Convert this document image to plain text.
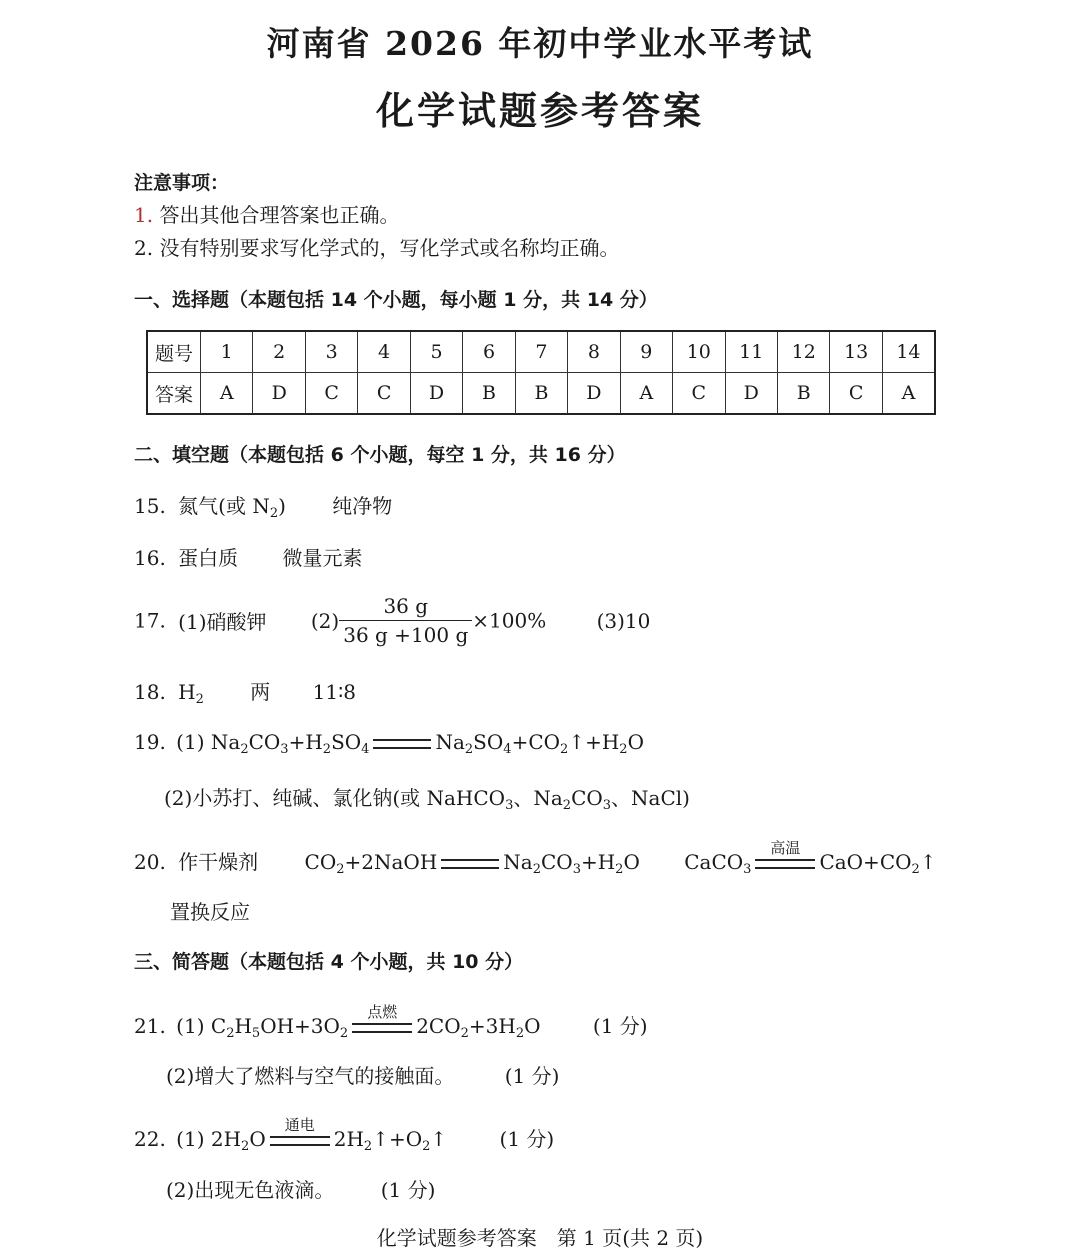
河南省 2026 年初中学业水平考试
化学试题参考答案
注意事项：
1. 答出其他合理答案也正确。
2. 没有特别要求写化学式的，写化学式或名称均正确。
一、选择题（本题包括 14 个小题，每小题 1 分，共 14 分）
题号	1	2	3	4	5	6	7	8	9	10	11	12	13	14
答案	A	D	C	C	D	B	B	D	A	C	D	B	C	A
二、填空题（本题包括 6 个小题，每空 1 分，共 16 分）
15. 氮气(或 $N_2$) 纯净物
16. 蛋白质 微量元素
17. (1)硝酸钾 $(2) \frac{36 g}{36 g +100 g} \times 100\%$	(3)10
18. $H_2$ 两 11∶8
19. (1) $Na_2CO_3+H_2SO_4$	$Na_2SO_4+CO_2↑+H_2O$
(2)小苏打、纯碱、氯化钠(或 NaHCO$_3$、$Na_2CO_3$、NaCl)
20. 作干燥剂 $CO_2+2NaOH$	$Na_2CO_3+H_2O$ CaCO$_3$
高温
$CaO+CO_2↑$
置换反应
三、简答题（本题包括 4 个小题，共 10 分）
21. (1) $C_2H_5OH+3O_2$
点燃
$2CO_2+3H_2O$	(1 分)
(2)增大了燃料与空气的接触面。	(1 分)
22. (1) $2H_2O$
通电
$2H_2↑+O_2↑$	(1 分)
(2)出现无色液滴。 (1 分)
化学试题参考答案　第 1 页(共 2 页)
